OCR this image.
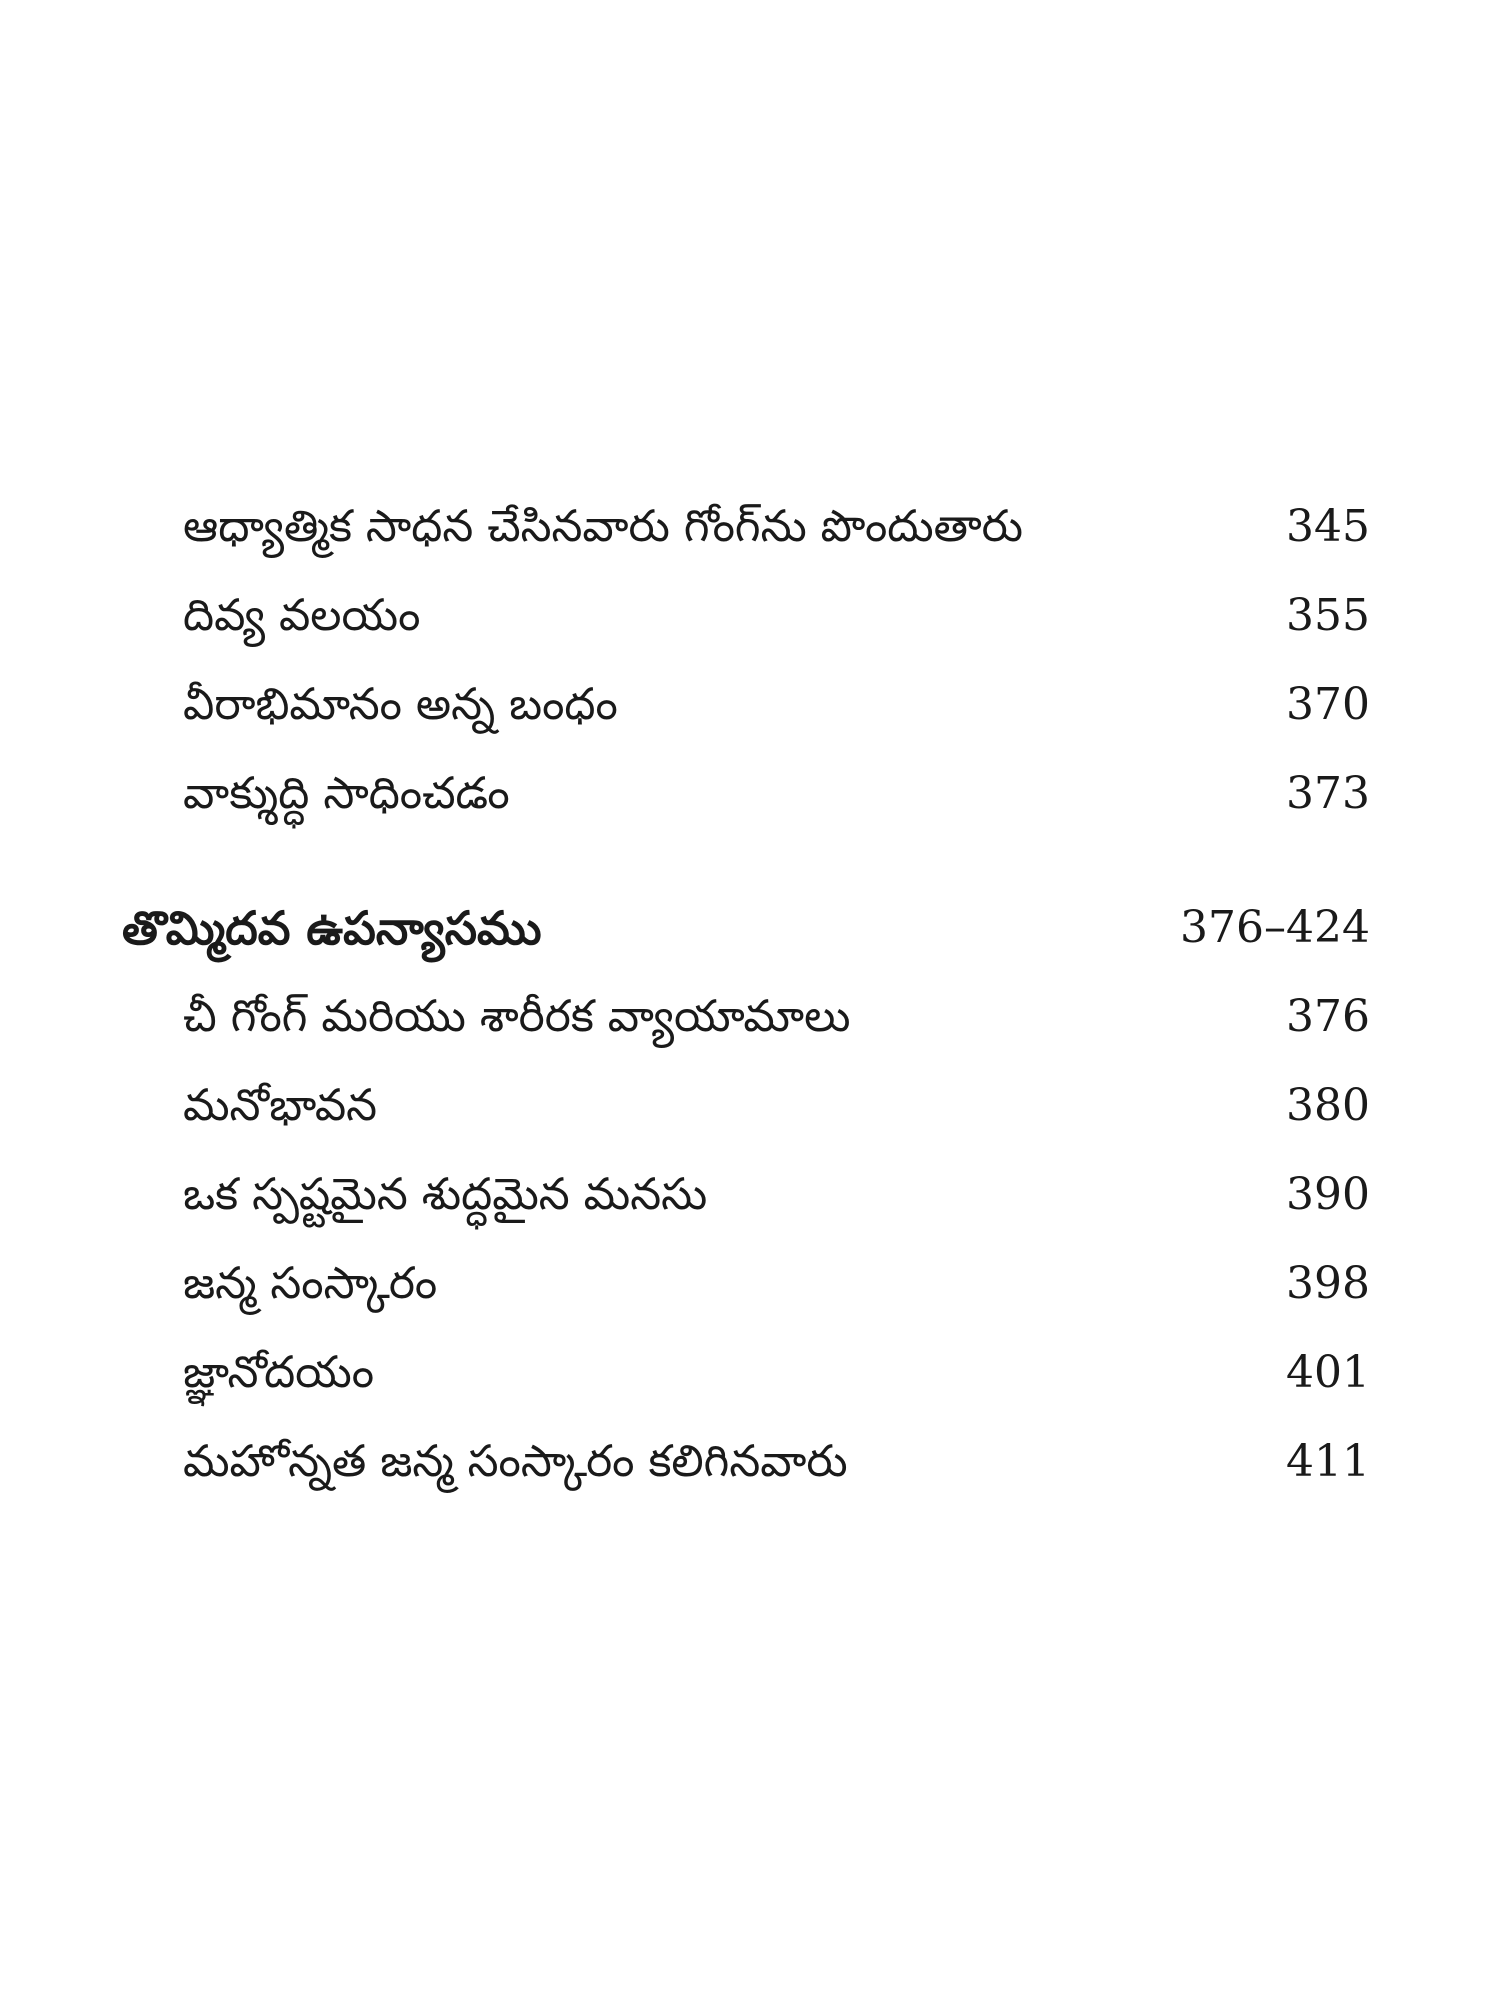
ఆధ్యాత్మిక సాధన చేసినవారు గోంగ్‌ను పొందుతారు	345
దివ్య వలయం	355
వీరాభిమానం అన్న బంధం	370
వాక్శుద్ధి సాధించడం	373
తొమ్మిదవ ఉపన్యాసము	376–424
చీ గోంగ్ మరియు శారీరక వ్యాయామాలు	376
మనోభావన	380
ఒక స్పష్టమైన శుద్ధమైన మనసు	390
జన్మ సంస్కారం	398
జ్ఞానోదయం	401
మహోన్నత జన్మ సంస్కారం కలిగినవారు	411
